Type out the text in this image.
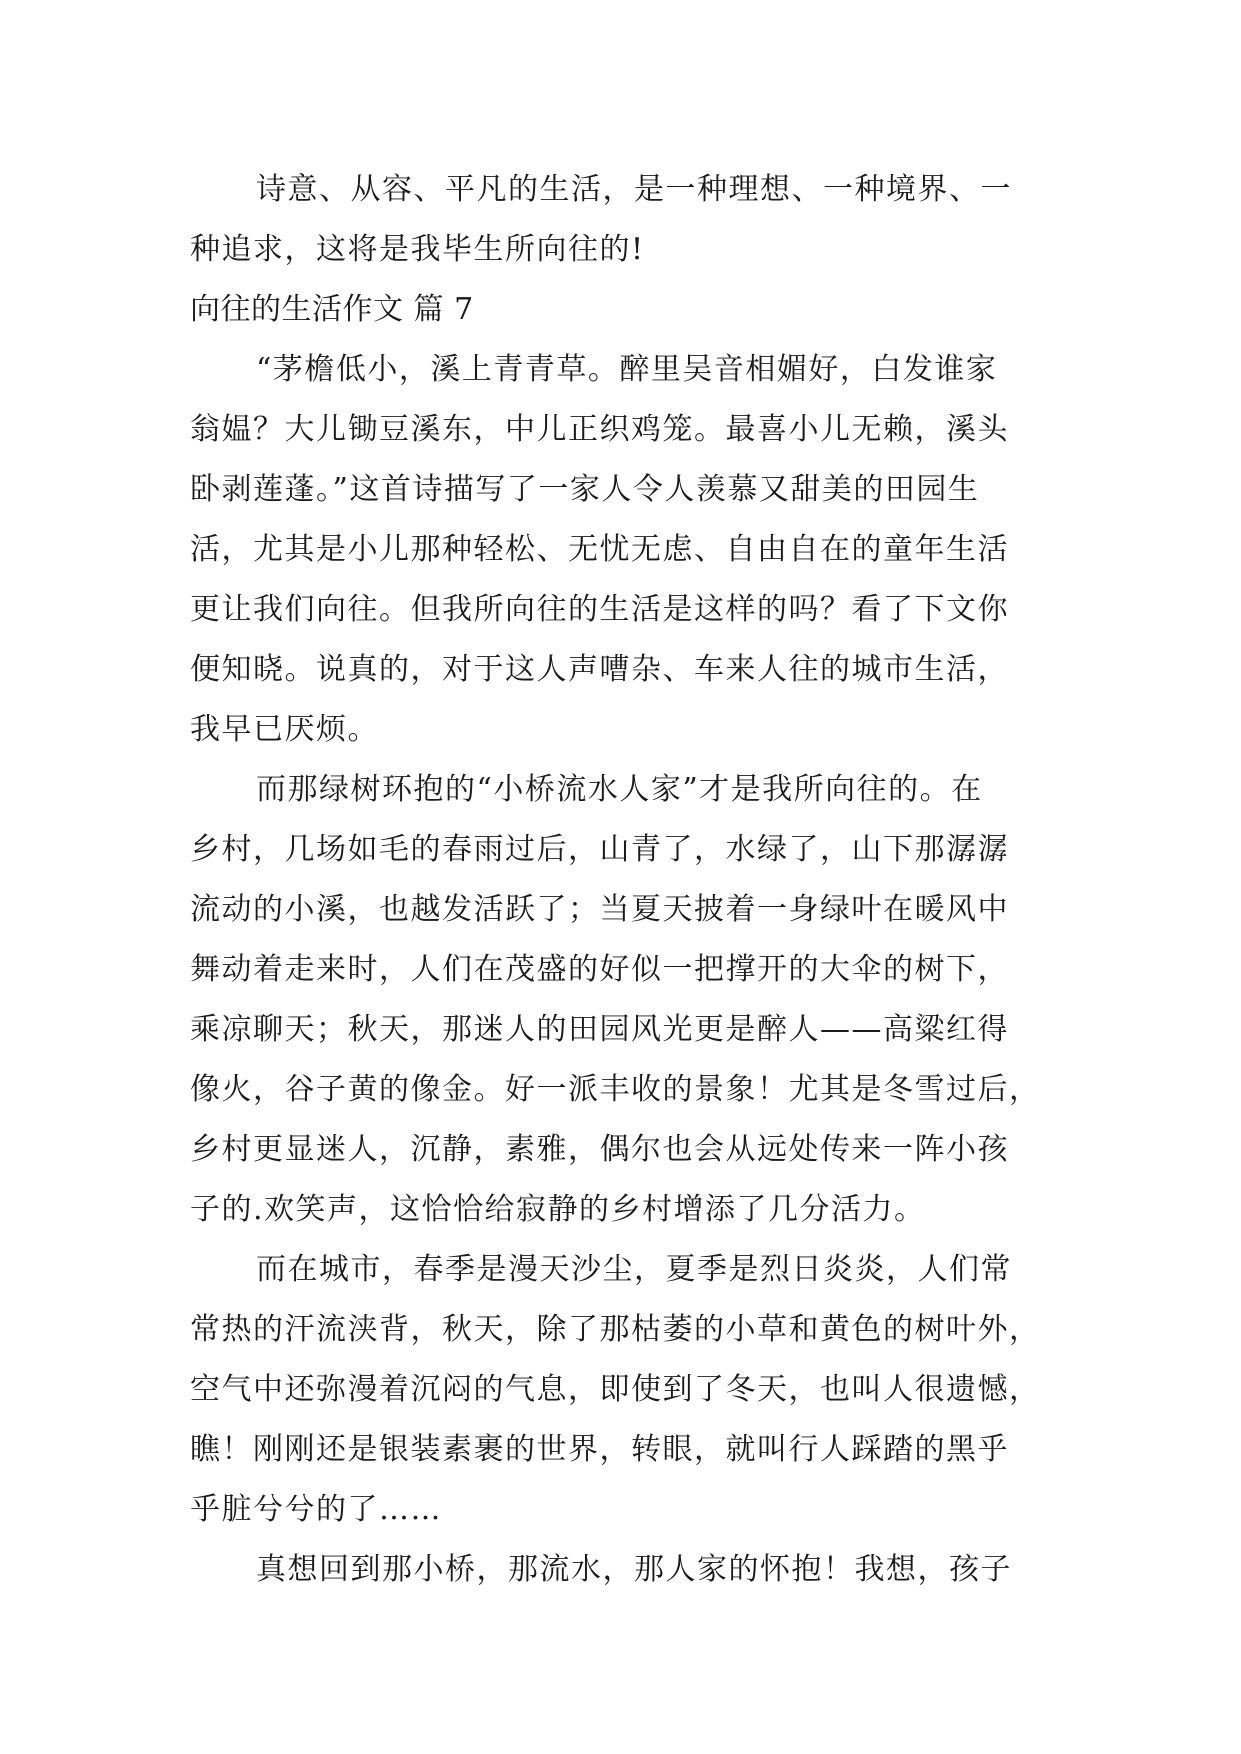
诗意、从容、平凡的生活，是一种理想、一种境界、一
种追求，这将是我毕生所向往的!
向往的生活作文 篇 7
“茅檐低小，溪上青青草。醉里吴音相媚好，白发谁家
翁媪？大儿锄豆溪东，中儿正织鸡笼。最喜小儿无赖，溪头
卧剥莲蓬。”这首诗描写了一家人令人羡慕又甜美的田园生
活，尤其是小儿那种轻松、无忧无虑、自由自在的童年生活
更让我们向往。但我所向往的生活是这样的吗？看了下文你
便知晓。说真的，对于这人声嘈杂、车来人往的城市生活，
我早已厌烦。
而那绿树环抱的“小桥流水人家”才是我所向往的。在
乡村，几场如毛的春雨过后，山青了，水绿了，山下那潺潺
流动的小溪，也越发活跃了；当夏天披着一身绿叶在暖风中
舞动着走来时，人们在茂盛的好似一把撑开的大伞的树下，
乘凉聊天；秋天，那迷人的田园风光更是醉人——高粱红得
像火，谷子黄的像金。好一派丰收的景象！尤其是冬雪过后，
乡村更显迷人，沉静，素雅，偶尔也会从远处传来一阵小孩
子的.欢笑声，这恰恰给寂静的乡村增添了几分活力。
而在城市，春季是漫天沙尘，夏季是烈日炎炎，人们常
常热的汗流浃背，秋天，除了那枯萎的小草和黄色的树叶外，
空气中还弥漫着沉闷的气息，即使到了冬天，也叫人很遗憾，
瞧！刚刚还是银装素裹的世界，转眼，就叫行人踩踏的黑乎
乎脏兮兮的了……
真想回到那小桥，那流水，那人家的怀抱！我想，孩子
